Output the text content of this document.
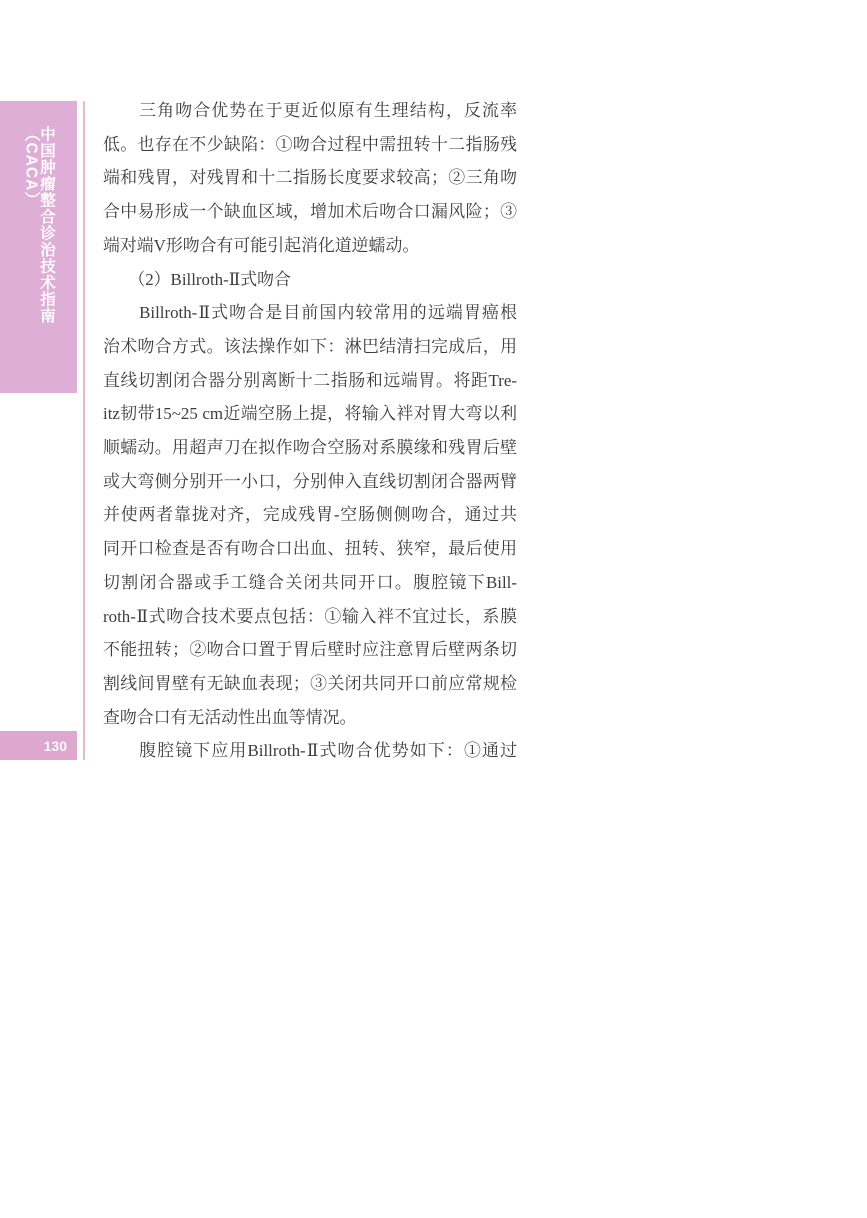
中国肿瘤整合诊治技术指南（CACA）
130
　　三角吻合优势在于更近似原有生理结构，反流率
低。也存在不少缺陷：①吻合过程中需扭转十二指肠残
端和残胃，对残胃和十二指肠长度要求较高；②三角吻
合中易形成一个缺血区域，增加术后吻合口漏风险；③
端对端V形吻合有可能引起消化道逆蠕动。
　　（2）Billroth-Ⅱ式吻合
　　Billroth-Ⅱ式吻合是目前国内较常用的远端胃癌根
治术吻合方式。该法操作如下：淋巴结清扫完成后，用
直线切割闭合器分别离断十二指肠和远端胃。将距Tre-
itz韧带15~25 cm近端空肠上提，将输入袢对胃大弯以利
顺蠕动。用超声刀在拟作吻合空肠对系膜缘和残胃后壁
或大弯侧分别开一小口，分别伸入直线切割闭合器两臂
并使两者靠拢对齐，完成残胃-空肠侧侧吻合，通过共
同开口检查是否有吻合口出血、扭转、狭窄，最后使用
切割闭合器或手工缝合关闭共同开口。腹腔镜下Bill-
roth-Ⅱ式吻合技术要点包括：①输入袢不宜过长，系膜
不能扭转；②吻合口置于胃后壁时应注意胃后壁两条切
割线间胃壁有无缺血表现；③关闭共同开口前应常规检
查吻合口有无活动性出血等情况。
　　腹腔镜下应用Billroth-Ⅱ式吻合优势如下：①通过
